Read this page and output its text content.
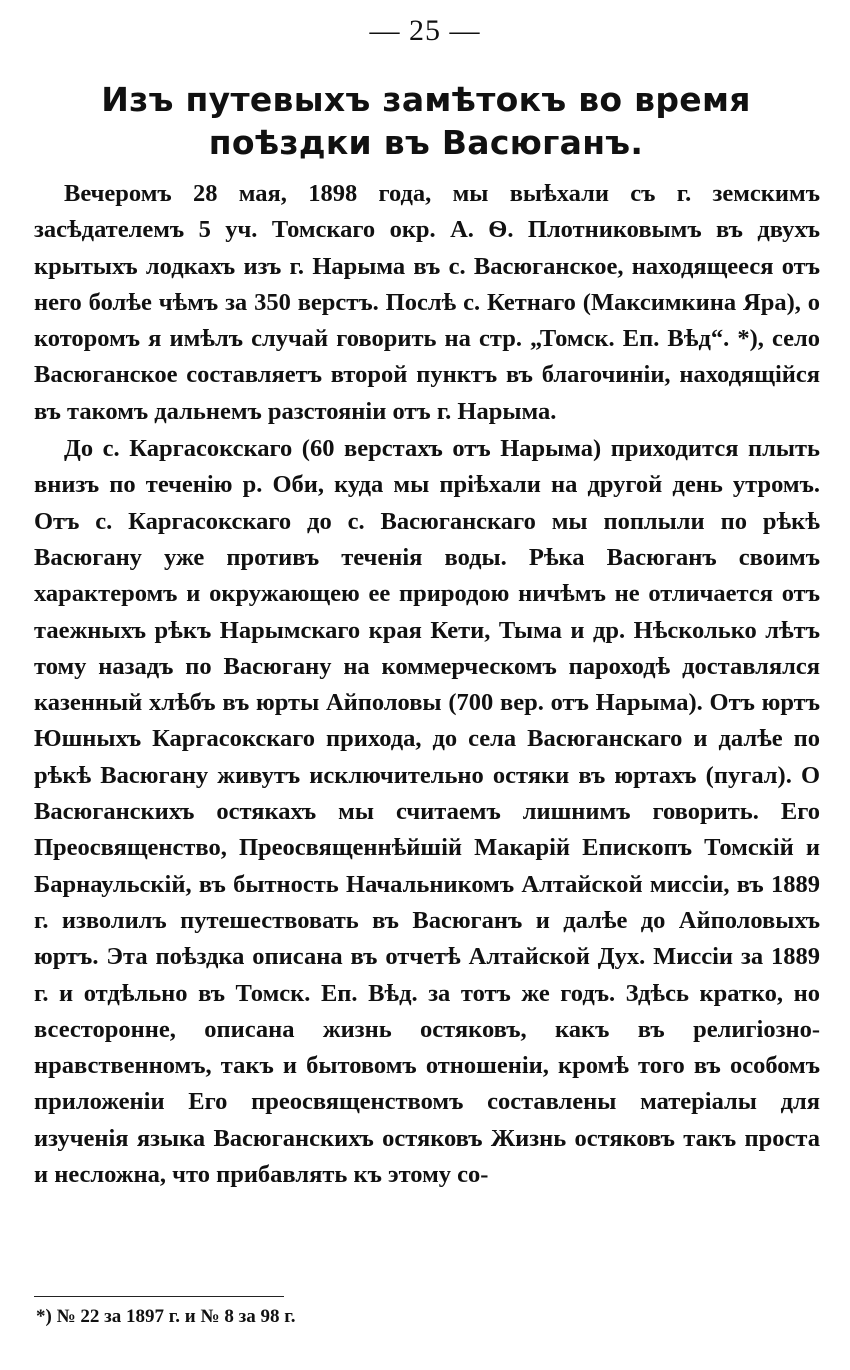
— 25 —
Изъ путевыхъ замѣтокъ во время поѣздки въ Васюганъ.

Вечеромъ 28 мая, 1898 года, мы выѣхали съ г. земскимъ засѣдателемъ 5 уч. Томскаго окр. А. Ѳ. Плотниковымъ въ двухъ крытыхъ лодкахъ изъ г. Нарыма въ с. Васюганское, находящееся отъ него болѣе чѣмъ за 350 верстъ. Послѣ с. Кетнаго (Максимкина Яра), о которомъ я имѣлъ случай говорить на стр. „Томск. Еп. Вѣд“. *), село Васюганское составляетъ второй пунктъ въ благочиніи, находящійся въ такомъ дальнемъ разстояніи отъ г. Нарыма.

До с. Каргасокскаго (60 верстахъ отъ Нарыма) приходится плыть внизъ по теченію р. Оби, куда мы пріѣхали на другой день утромъ. Отъ с. Каргасокскаго до с. Васюганскаго мы поплыли по рѣкѣ Васюгану уже противъ теченія воды. Рѣка Васюганъ своимъ характеромъ и окружающею ее природою ничѣмъ не отличается отъ таежныхъ рѣкъ Нарымскаго края Кети, Тыма и др. Нѣсколько лѣтъ тому назадъ по Васюгану на коммерческомъ пароходѣ доставлялся казенный хлѣбъ въ юрты Айполовы (700 вер. отъ Нарыма). Отъ юртъ Юшныхъ Каргасокскаго прихода, до села Васюганскаго и далѣе по рѣкѣ Васюгану живутъ исключительно остяки въ юртахъ (пугал). О Васюганскихъ остякахъ мы считаемъ лишнимъ говорить. Его Преосвященство, Преосвященнѣйшій Макарій Епископъ Томскій и Барнаульскій, въ бытность Начальникомъ Алтайской миссіи, въ 1889 г. изволилъ путешествовать въ Васюганъ и далѣе до Айполовыхъ юртъ. Эта поѣздка описана въ отчетѣ Алтайской Дух. Миссіи за 1889 г. и отдѣльно въ Томск. Еп. Вѣд. за тотъ же годъ. Здѣсь кратко, но всесторонне, описана жизнь остяковъ, какъ въ религіозно-нравственномъ, такъ и бытовомъ отношеніи, кромѣ того въ особомъ приложеніи Его преосвященствомъ составлены матеріалы для изученія языка Васюганскихъ остяковъ Жизнь остяковъ такъ проста и несложна, что прибавлять къ этому со-

*) № 22 за 1897 г. и № 8 за 98 г.
